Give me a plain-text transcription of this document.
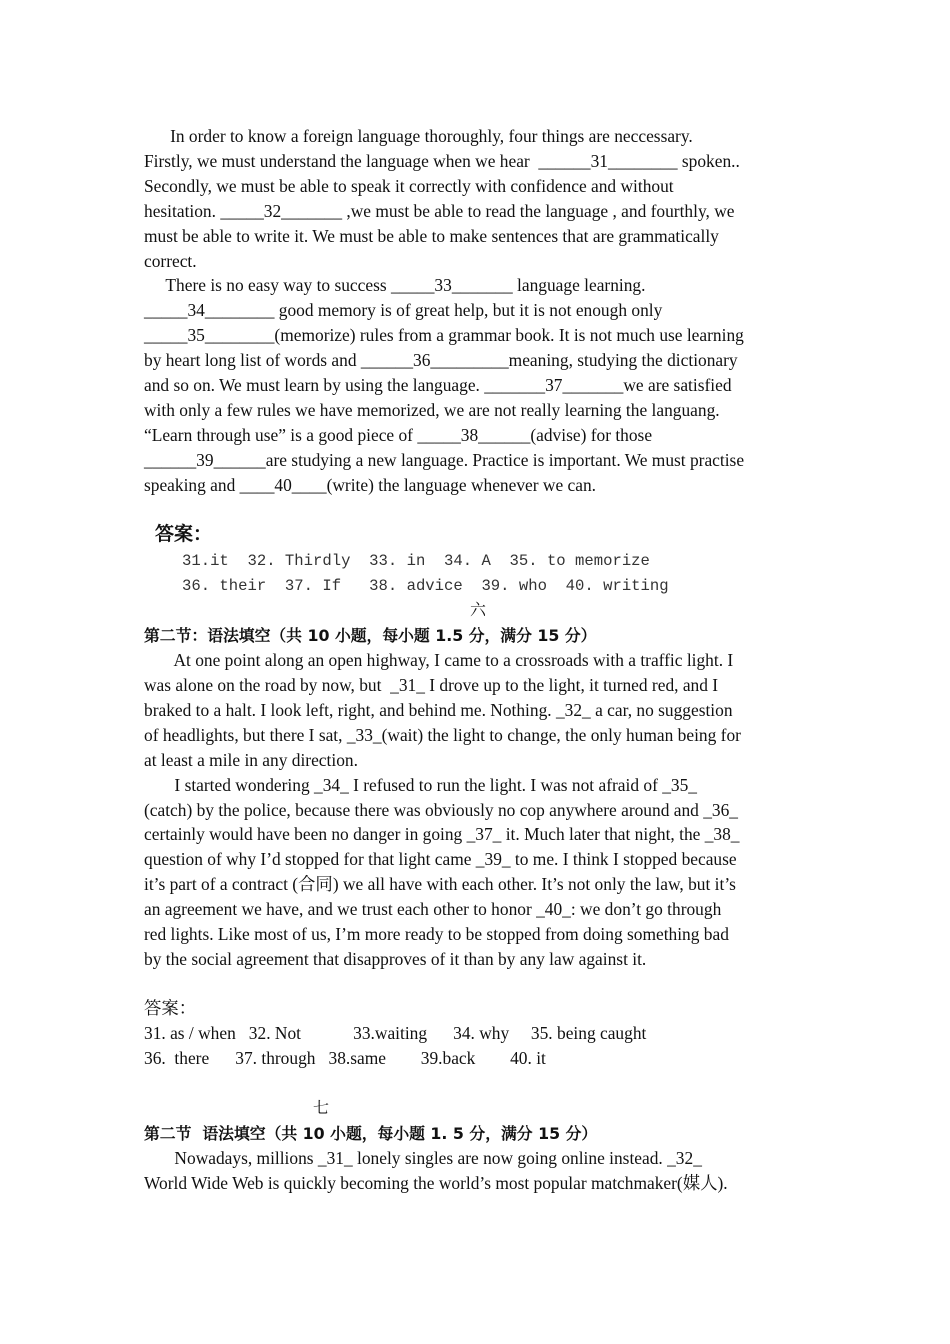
In order to know a foreign language thoroughly, four things are neccessary.
Firstly, we must understand the language when we hear  ______31________ spoken..
Secondly, we must be able to speak it correctly with confidence and without
hesitation. _____32_______ ,we must be able to read the language , and fourthly, we
must be able to write it. We must be able to make sentences that are grammatically
correct.
There is no easy way to success _____33_______ language learning.
_____34________ good memory is of great help, but it is not enough only
_____35________(memorize) rules from a grammar book. It is not much use learning
by heart long list of words and ______36_________meaning, studying the dictionary
and so on. We must learn by using the language. _______37_______we are satisfied
with only a few rules we have memorized, we are not really learning the languang.
“Learn through use” is a good piece of _____38______(advise) for those
______39______are studying a new language. Practice is important. We must practise
speaking and ____40____(write) the language whenever we can.
答案：
31.it  32. Thirdly  33. in  34. A  35. to memorize
36. their  37. If   38. advice  39. who  40. writing
六
第二节：语法填空（共 10 小题，每小题 1.5 分，满分 15 分）
At one point along an open highway, I came to a crossroads with a traffic light. I
was alone on the road by now, but  _31_ I drove up to the light, it turned red, and I
braked to a halt. I look left, right, and behind me. Nothing. _32_ a car, no suggestion
of headlights, but there I sat, _33_(wait) the light to change, the only human being for
at least a mile in any direction.
I started wondering _34_ I refused to run the light. I was not afraid of _35_
(catch) by the police, because there was obviously no cop anywhere around and _36_
certainly would have been no danger in going _37_ it. Much later that night, the _38_
question of why I’d stopped for that light came _39_ to me. I think I stopped because
it’s part of a contract (合同) we all have with each other. It’s not only the law, but it’s
an agreement we have, and we trust each other to honor _40_: we don’t go through
red lights. Like most of us, I’m more ready to be stopped from doing something bad
by the social agreement that disapproves of it than by any law against it.
答案：
31. as / when   32. Not            33.waiting      34. why     35. being caught
36.  there      37. through   38.same        39.back        40. it
七
第二节  语法填空（共 10 小题，每小题 1. 5 分，满分 15 分）
Nowadays, millions _31_ lonely singles are now going online instead. _32_
World Wide Web is quickly becoming the world’s most popular matchmaker(媒人).
